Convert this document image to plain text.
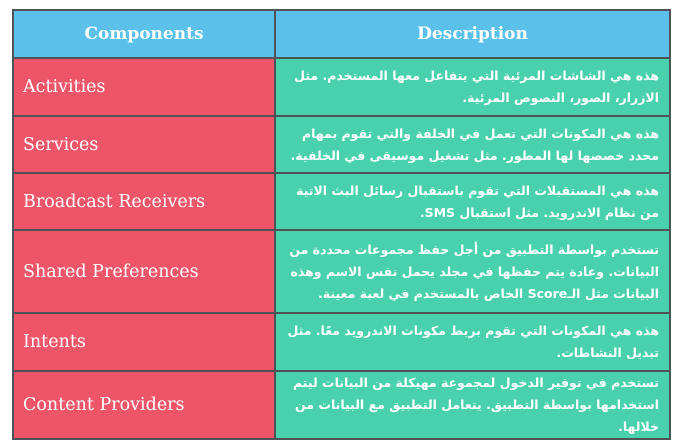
Components	Description
Activities	هذه هي الشاشات المرئية التي يتفاعل معها المستخدم. مثل الازرار، الصور، النصوص المرئية.
Services	هذه هي المكونات التي تعمل في الخلفة والتي تقوم بمهام محدد خصصها لها المطور. مثل تشغيل موسيقى في الخلفية.
Broadcast Receivers	هذه هي المستقبلات التي تقوم باستقبال رسائل البث الاتية من نظام الاندرويد. مثل استقبال SMS.
Shared Preferences	تستخدم بواسطة التطبيق من أجل حفظ مجموعات محددة من البيانات. وعادة يتم حفظها في مجلد يحمل نفس الاسم وهذه البيانات مثل الـScore الخاص بالمستخدم في لعبة معينة.
Intents	هذه هي المكونات التي تقوم بربط مكونات الاندرويد معًا. مثل تبديل النشاطات.
Content Providers	تستخدم في توفير الدخول لمجموعة مهيكلة من البيانات ليتم استخدامها بواسطة التطبيق. يتعامل التطبيق مع البيانات من خلالها.
